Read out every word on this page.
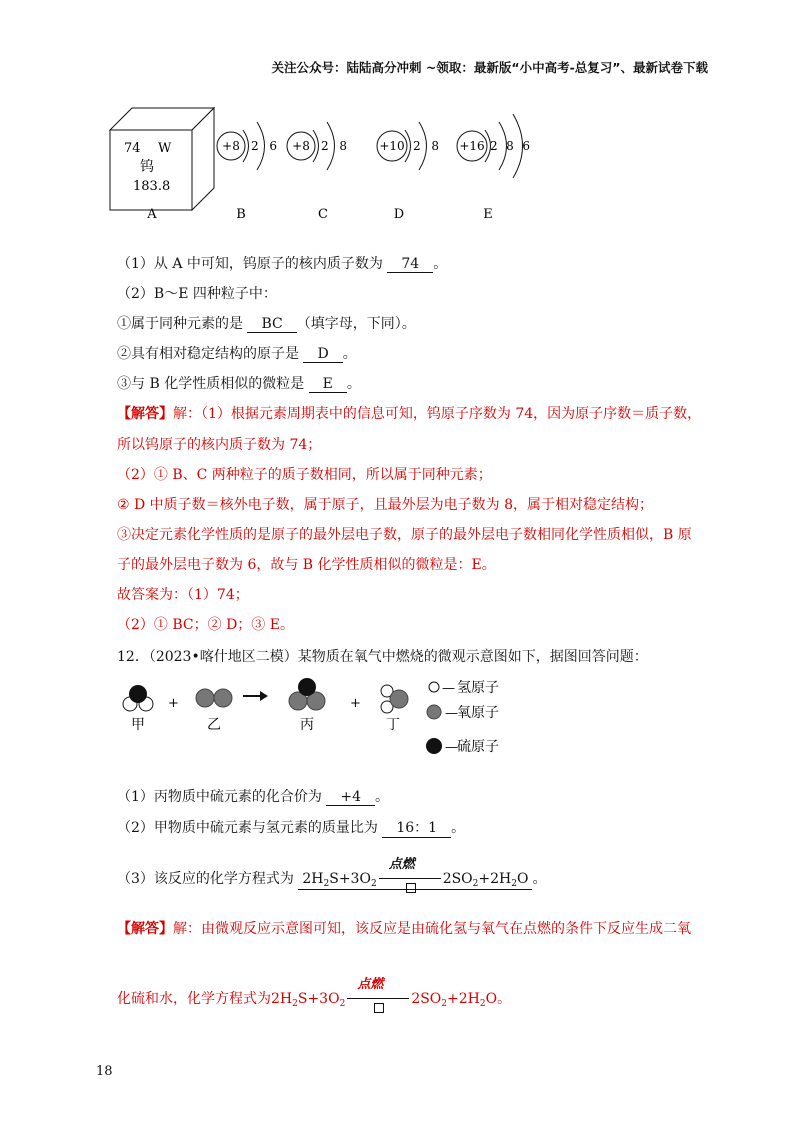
关注公众号：陆陆高分冲刺 ~领取：最新版“小中高考-总复习”、最新试卷下载
74 W
钨
183.8
+8 2 6 +8 2 8	+10 2 8 +16 2 8 6
A	B	C	D	E
（1）从 A 中可知，钨原子的核内质子数为 74 。
（2）B～E 四种粒子中：
①属于同种元素的是 BC （填字母，下同）。
②具有相对稳定结构的原子是 D 。
③与 B 化学性质相似的微粒是 E 。
【解答】解：（1）根据元素周期表中的信息可知，钨原子序数为 74，因为原子序数＝质子数，
所以钨原子的核内质子数为 74；
（2）① B、C 两种粒子的质子数相同，所以属于同种元素；
② D 中质子数＝核外电子数，属于原子，且最外层为电子数为 8，属于相对稳定结构；
③决定元素化学性质的是原子的最外层电子数，原子的最外层电子数相同化学性质相似，B 原
子的最外层电子数为 6，故与 B 化学性质相似的微粒是：E。
故答案为：（1）74；
（2）① BC；② D；③ E。
12．（2023•喀什地区二模）某物质在氧气中燃烧的微观示意图如下，据图回答问题：
甲
+
乙	丙
+
丁
— 氢原子
— 氧原子
— 硫原子
（1）丙物质中硫元素的化合价为 +4 。
（2）甲物质中硫元素与氢元素的质量比为 16：1 。
（3）该反应的化学方程式为 $2H_2S+3O_2$
点燃
$2SO_2+2H_2O$ 。
【解答】解：由微观反应示意图可知，该反应是由硫化氢与氧气在点燃的条件下反应生成二氧
化硫和水，化学方程式为$2H_2S+3O_2$
点燃
$2SO_2+2H_2O$。
18
